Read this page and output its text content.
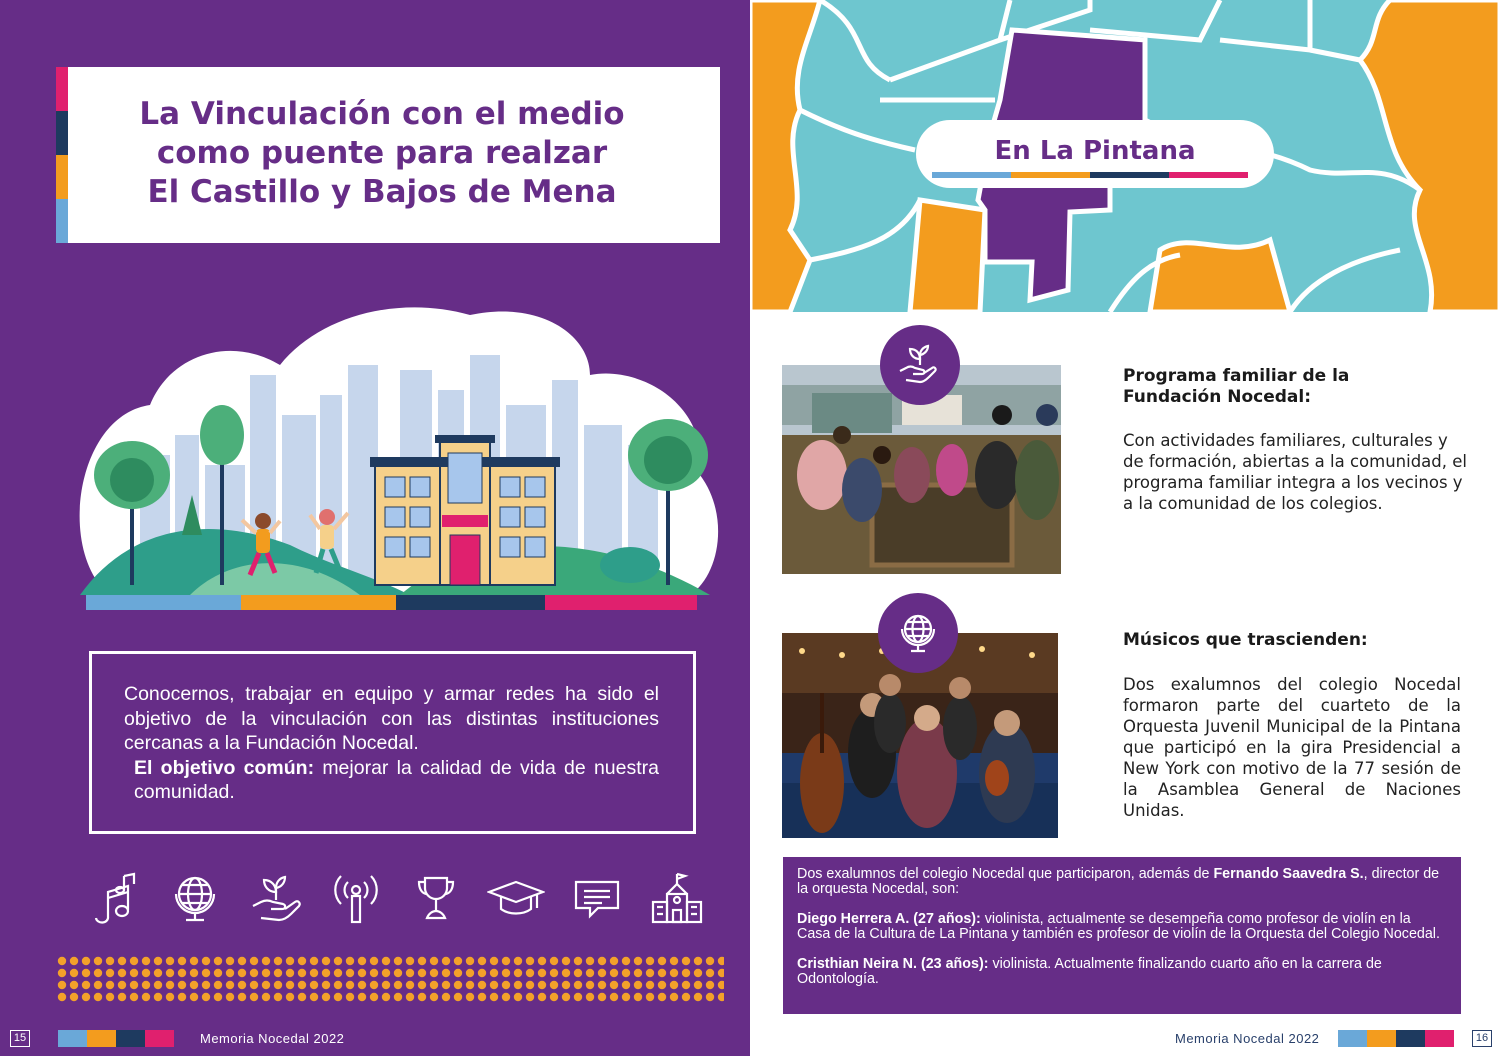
La Vinculación con el medio
como puente para realzar
El Castillo y Bajos de Mena

Conocernos, trabajar en equipo y armar redes ha sido el objetivo de la vinculación con las distintas instituciones cercanas a la Fundación Nocedal.

El objetivo común: mejorar la calidad de vida de nuestra comunidad.

15	Memoria Nocedal 2022
En La Pintana
Programa familiar de la Fundación Nocedal:
Con actividades familiares, culturales y de formación, abiertas a la comunidad, el programa familiar integra a los vecinos y a la comunidad de los colegios.
Músicos que trascienden:
Dos exalumnos del colegio Nocedal formaron parte del cuarteto de la Orquesta Juvenil Municipal de la Pintana que participó en la gira Presidencial a New York con motivo de la 77 sesión de la Asamblea General de Naciones Unidas.

Dos exalumnos del colegio Nocedal que participaron, además de Fernando Saavedra S., director de la orquesta Nocedal, son:

Diego Herrera A. (27 años): violinista, actualmente se desempeña como profesor de violín en la Casa de la Cultura de La Pintana y también es profesor de violín de la Orquesta del Colegio Nocedal.

Cristhian Neira N. (23 años): violinista. Actualmente finalizando cuarto año en la carrera de Odontología.

Memoria Nocedal 2022	16
